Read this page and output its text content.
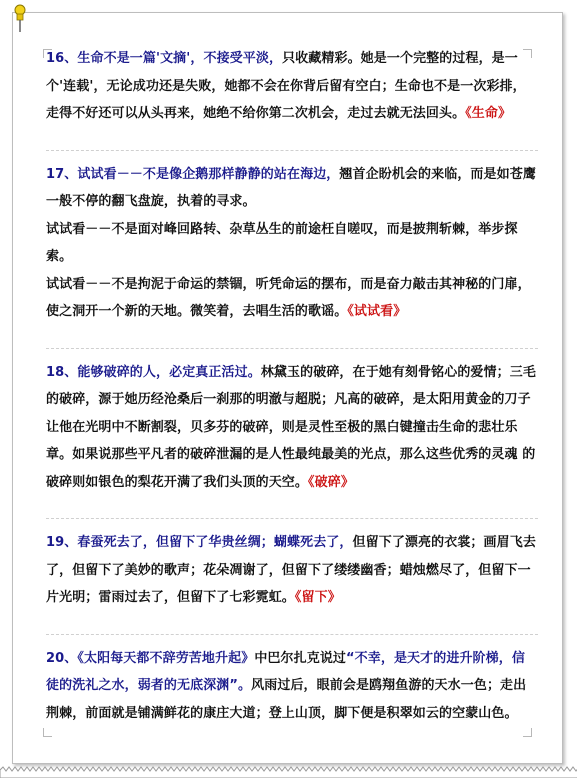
16、生命不是一篇'文摘'，不接受平淡，只收藏精彩。她是一个完整的过程，是一个'连载'，无论成功还是失败，她都不会在你背后留有空白；生命也不是一次彩排，走得不好还可以从头再来，她绝不给你第二次机会，走过去就无法回头。《生命》

17、试试看－－不是像企鹅那样静静的站在海边，翘首企盼机会的来临，而是如苍鹰一般不停的翻飞盘旋，执着的寻求。

试试看－－不是面对峰回路转、杂草丛生的前途枉自嗟叹，而是披荆斩棘，举步探索。

试试看－－不是拘泥于命运的禁锢，听凭命运的摆布，而是奋力敲击其神秘的门扉，使之洞开一个新的天地。微笑着，去唱生活的歌谣。《试试看》

18、能够破碎的人，必定真正活过。林黛玉的破碎，在于她有刻骨铭心的爱情；三毛的破碎，源于她历经沧桑后一刹那的明澈与超脱；凡高的破碎，是太阳用黄金的刀子 让他在光明中不断割裂，贝多芬的破碎，则是灵性至极的黑白键撞击生命的悲壮乐章。如果说那些平凡者的破碎泄漏的是人性最纯最美的光点，那么这些优秀的灵魂 的破碎则如银色的梨花开满了我们头顶的天空。《破碎》

19、春蚕死去了，但留下了华贵丝绸；蝴蝶死去了，但留下了漂亮的衣裳；画眉飞去了，但留下了美妙的歌声；花朵凋谢了，但留下了缕缕幽香；蜡烛燃尽了，但留下一片光明；雷雨过去了，但留下了七彩霓虹。《留下》

20、《太阳每天都不辞劳苦地升起》中巴尔扎克说过“不幸，是天才的进升阶梯，信徒的洗礼之水，弱者的无底深渊”。风雨过后，眼前会是鸥翔鱼游的天水一色；走出荆棘，前面就是铺满鲜花的康庄大道；登上山顶，脚下便是积翠如云的空蒙山色。
